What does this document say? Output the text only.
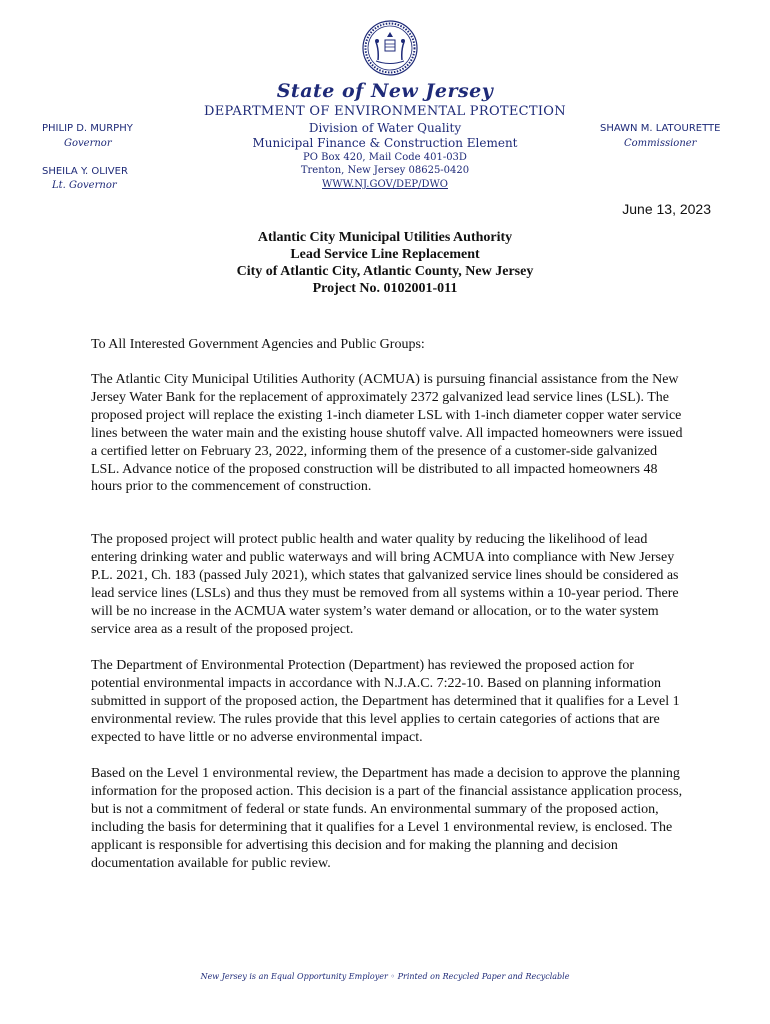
State of New Jersey
DEPARTMENT OF ENVIRONMENTAL PROTECTION
Division of Water Quality
Municipal Finance & Construction Element
PO Box 420, Mail Code 401-03D
Trenton, New Jersey 08625-0420
WWW.NJ.GOV/DEP/DWO
PHILIP D. MURPHY
Governor
SHEILA Y. OLIVER
Lt. Governor
SHAWN M. LATOURETTE
Commissioner
June 13, 2023
Atlantic City Municipal Utilities Authority
Lead Service Line Replacement
City of Atlantic City, Atlantic County, New Jersey
Project No. 0102001-011

To All Interested Government Agencies and Public Groups:

The Atlantic City Municipal Utilities Authority (ACMUA) is pursuing financial assistance from the New Jersey Water Bank for the replacement of approximately 2372 galvanized lead service lines (LSL). The proposed project will replace the existing 1-inch diameter LSL with 1-inch diameter copper water service lines between the water main and the existing house shutoff valve. All impacted homeowners were issued a certified letter on February 23, 2022, informing them of the presence of a customer-side galvanized LSL. Advance notice of the proposed construction will be distributed to all impacted homeowners 48 hours prior to the commencement of construction.

The proposed project will protect public health and water quality by reducing the likelihood of lead entering drinking water and public waterways and will bring ACMUA into compliance with New Jersey P.L. 2021, Ch. 183 (passed July 2021), which states that galvanized service lines should be considered as lead service lines (LSLs) and thus they must be removed from all systems within a 10-year period. There will be no increase in the ACMUA water system’s water demand or allocation, or to the water system service area as a result of the proposed project.

The Department of Environmental Protection (Department) has reviewed the proposed action for potential environmental impacts in accordance with N.J.A.C. 7:22-10. Based on planning information submitted in support of the proposed action, the Department has determined that it qualifies for a Level 1 environmental review. The rules provide that this level applies to certain categories of actions that are expected to have little or no adverse environmental impact.

Based on the Level 1 environmental review, the Department has made a decision to approve the planning information for the proposed action. This decision is a part of the financial assistance application process, but is not a commitment of federal or state funds. An environmental summary of the proposed action, including the basis for determining that it qualifies for a Level 1 environmental review, is enclosed. The applicant is responsible for advertising this decision and for making the planning and decision documentation available for public review.

New Jersey is an Equal Opportunity Employer ◦ Printed on Recycled Paper and Recyclable
